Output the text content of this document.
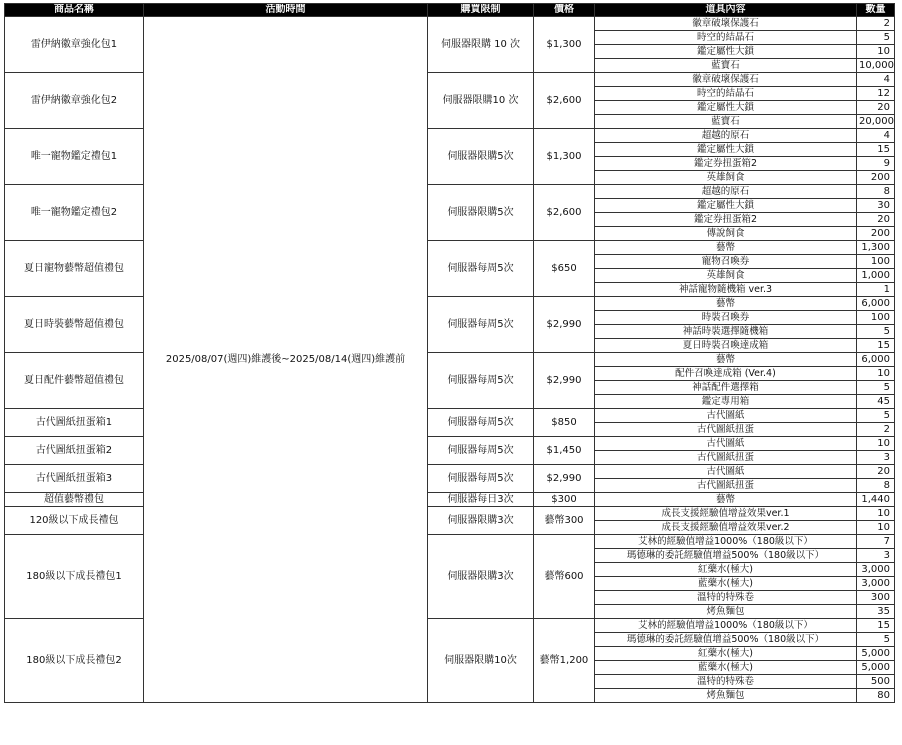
商品名稱	活動時間	購買限制	價格	道具內容	數量
雷伊納徽章強化包1	2025/08/07(週四)維護後~2025/08/14(週四)維護前	伺服器限購 10 次	$1,300	徽章破壞保護石	2
				時空的結晶石	5
				鑑定屬性大鎖	10
				藍寶石	10,000
雷伊納徽章強化包2		伺服器限購10 次	$2,600	徽章破壞保護石	4
				時空的結晶石	12
				鑑定屬性大鎖	20
				藍寶石	20,000
唯一寵物鑑定禮包1		伺服器限購5次	$1,300	超越的原石	4
				鑑定屬性大鎖	15
				鑑定券扭蛋箱2	9
				英雄飼食	200
唯一寵物鑑定禮包2		伺服器限購5次	$2,600	超越的原石	8
				鑑定屬性大鎖	30
				鑑定券扭蛋箱2	20
				傳說飼食	200
夏日寵物藝幣超值禮包		伺服器每周5次	$650	藝幣	1,300
				寵物召喚券	100
				英雄飼食	1,000
				神話寵物隨機箱 ver.3	1
夏日時裝藝幣超值禮包		伺服器每周5次	$2,990	藝幣	6,000
				時裝召喚券	100
				神話時裝選擇隨機箱	5
				夏日時裝召喚達成箱	15
夏日配件藝幣超值禮包		伺服器每周5次	$2,990	藝幣	6,000
				配件召喚達成箱 (Ver.4)	10
				神話配件選擇箱	5
				鑑定專用箱	45
古代圖紙扭蛋箱1		伺服器每周5次	$850	古代圖紙	5
				古代圖紙扭蛋	2
古代圖紙扭蛋箱2		伺服器每周5次	$1,450	古代圖紙	10
				古代圖紙扭蛋	3
古代圖紙扭蛋箱3		伺服器每周5次	$2,990	古代圖紙	20
				古代圖紙扭蛋	8
超值藝幣禮包		伺服器每日3次	$300	藝幣	1,440
120級以下成長禮包		伺服器限購3次	藝幣300	成長支援經驗值增益效果ver.1	10
				成長支援經驗值增益效果ver.2	10
180級以下成長禮包1		伺服器限購3次	藝幣600	艾林的經驗值增益1000%（180級以下）	7
				瑪德琳的委託經驗值增益500%（180級以下）	3
				紅藥水(極大)	3,000
				藍藥水(極大)	3,000
				溫特的特殊卷	300
				烤魚麵包	35
180級以下成長禮包2		伺服器限購10次	藝幣1,200	艾林的經驗值增益1000%（180級以下）	15
				瑪德琳的委託經驗值增益500%（180級以下）	5
				紅藥水(極大)	5,000
				藍藥水(極大)	5,000
				溫特的特殊卷	500
				烤魚麵包	80
